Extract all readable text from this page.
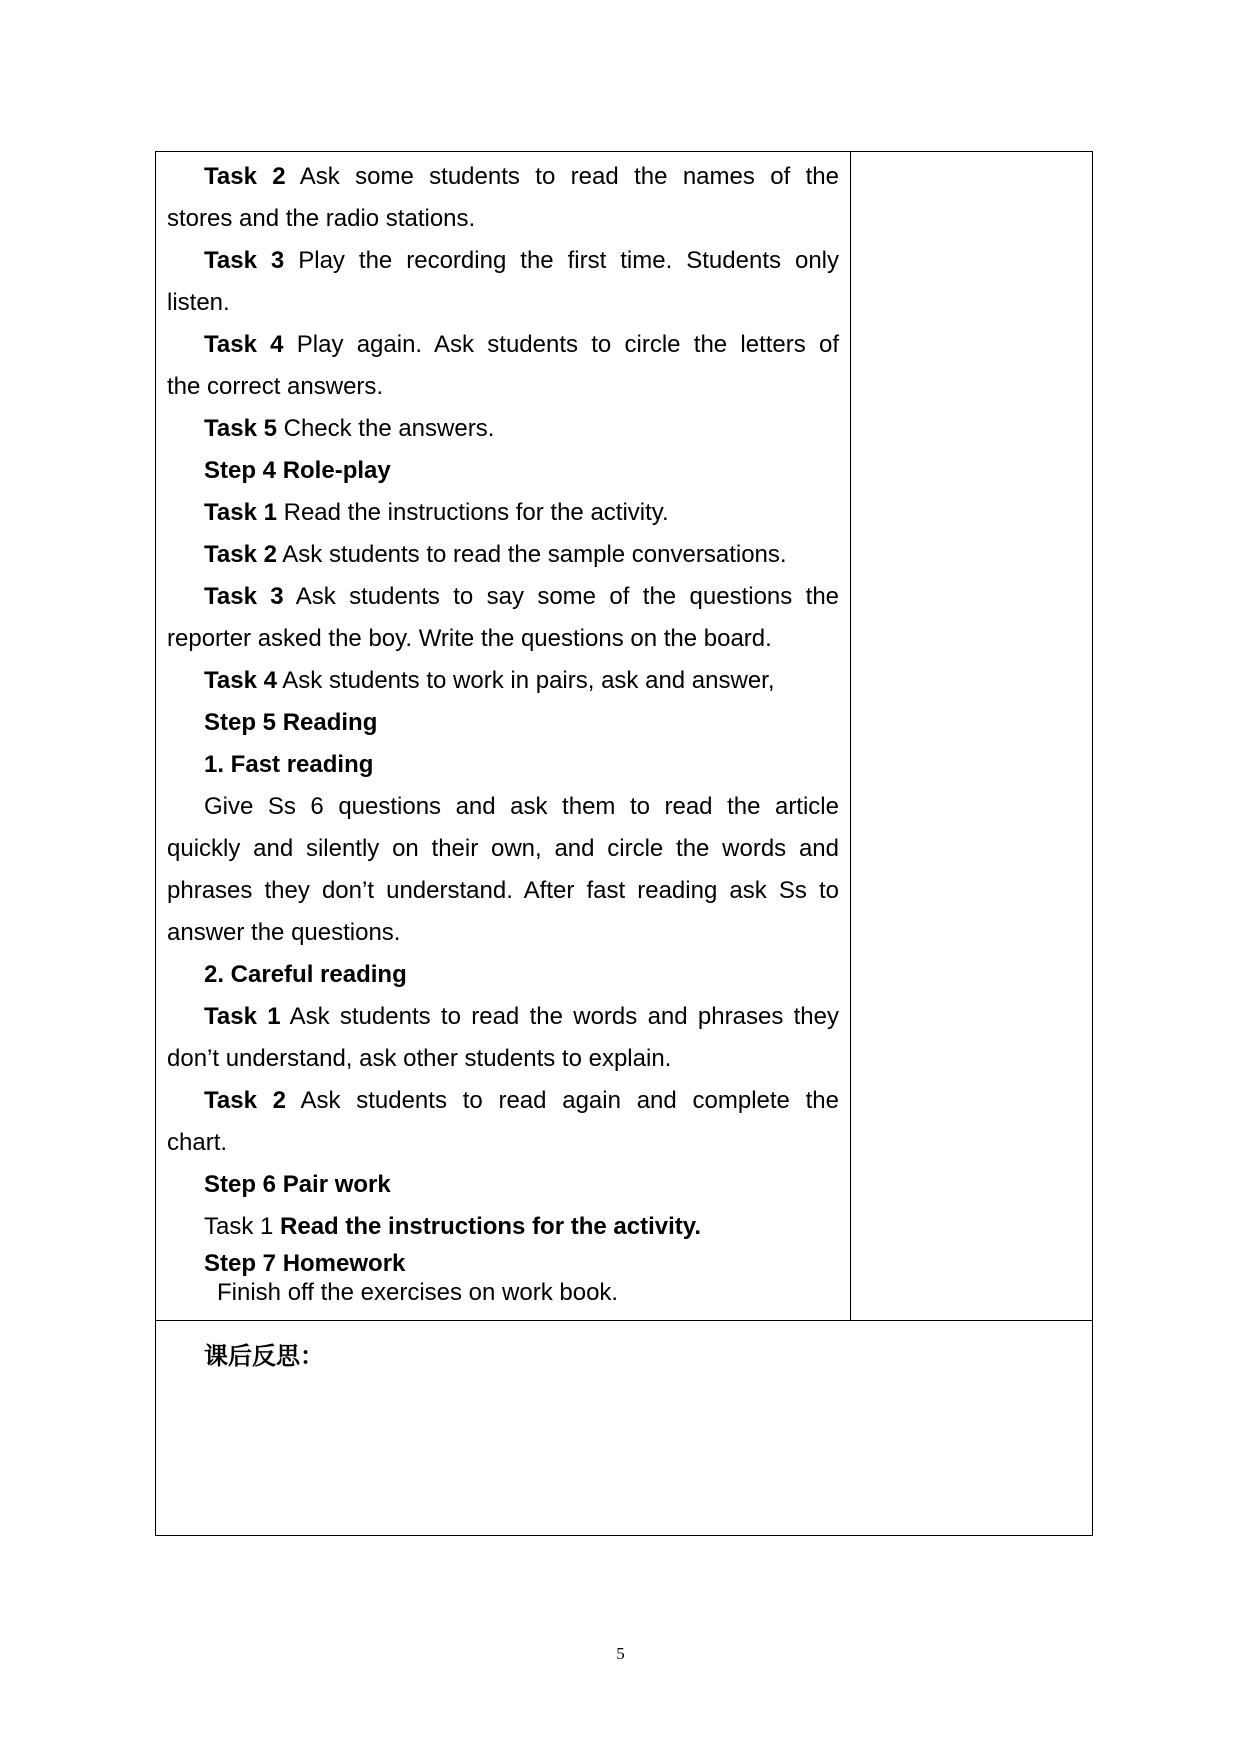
Task 2 Ask some students to read the names of the

stores and the radio stations.

Task 3 Play the recording the first time. Students only

listen.

Task 4 Play again. Ask students to circle the letters of

the correct answers.

Task 5 Check the answers.

Step 4 Role-play

Task 1 Read the instructions for the activity.

Task 2 Ask students to read the sample conversations.

Task 3 Ask students to say some of the questions the

reporter asked the boy. Write the questions on the board.

Task 4 Ask students to work in pairs, ask and answer,

Step 5 Reading

1. Fast reading

Give Ss 6 questions and ask them to read the article

quickly and silently on their own, and circle the words and

phrases they don’t understand. After fast reading ask Ss to

answer the questions.

2. Careful reading

Task 1 Ask students to read the words and phrases they

don’t understand, ask other students to explain.

Task 2 Ask students to read again and complete the

chart.

Step 6 Pair work

Task 1 Read the instructions for the activity.

Step 7 Homework

Finish off the exercises on work book.

课后反思：
5
